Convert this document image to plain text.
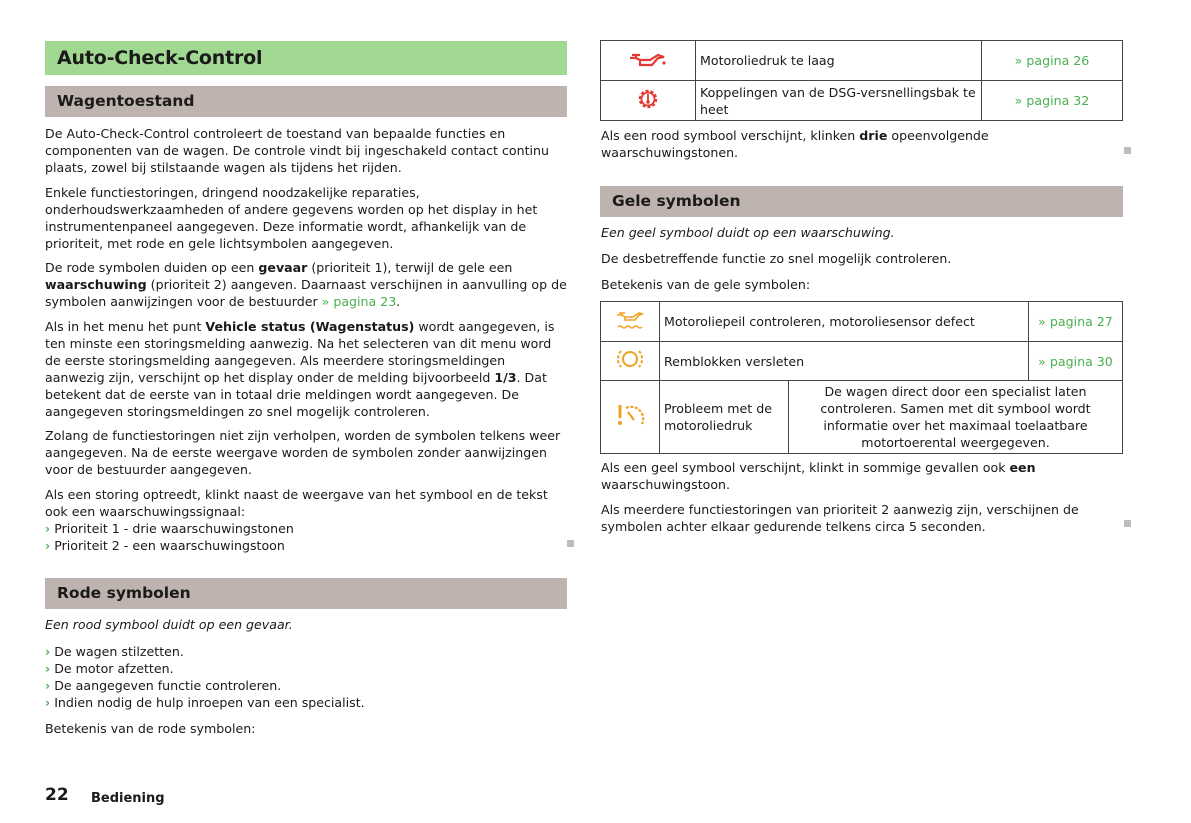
Auto-Check-Control
Wagentoestand

De Auto-Check-Control controleert de toestand van bepaalde functies en componenten van de wagen. De controle vindt bij ingeschakeld contact continu plaats, zowel bij stilstaande wagen als tijdens het rijden.

Enkele functiestoringen, dringend noodzakelijke reparaties, onderhoudswerkzaamheden of andere gegevens worden op het display in het instrumentenpaneel aangegeven. Deze informatie wordt, afhankelijk van de prioriteit, met rode en gele lichtsymbolen aangegeven.

De rode symbolen duiden op een gevaar (prioriteit 1), terwijl de gele een waarschuwing (prioriteit 2) aangeven. Daarnaast verschijnen in aanvulling op de symbolen aanwijzingen voor de bestuurder » pagina 23.

Als in het menu het punt Vehicle status (Wagenstatus) wordt aangegeven, is ten minste een storingsmelding aanwezig. Na het selecteren van dit menu word de eerste storingsmelding aangegeven. Als meerdere storingsmeldingen aanwezig zijn, verschijnt op het display onder de melding bijvoorbeeld 1/3. Dat betekent dat de eerste van in totaal drie meldingen wordt aangegeven. De aangegeven storingsmeldingen zo snel mogelijk controleren.

Zolang de functiestoringen niet zijn verholpen, worden de symbolen telkens weer aangegeven. Na de eerste weergave worden de symbolen zonder aanwijzingen voor de bestuurder aangegeven.

Als een storing optreedt, klinkt naast de weergave van het symbool en de tekst ook een waarschuwingssignaal:
› Prioriteit 1 - drie waarschuwingstonen
› Prioriteit 2 - een waarschuwingstoon

Rode symbolen

Een rood symbool duidt op een gevaar.

› De wagen stilzetten.
› De motor afzetten.
› De aangegeven functie controleren.
› Indien nodig de hulp inroepen van een specialist.

Betekenis van de rode symbolen:

	Motoroliedruk te laag	» pagina 26
	Koppelingen van de DSG-versnellingsbak te heet	» pagina 32

Als een rood symbool verschijnt, klinken drie opeenvolgende waarschuwingstonen.

Gele symbolen

Een geel symbool duidt op een waarschuwing.

De desbetreffende functie zo snel mogelijk controleren.

Betekenis van de gele symbolen:

	Motoroliepeil controleren, motoroliesensor defect		» pagina 27
	Remblokken versleten		» pagina 30
	Probleem met de motoroliedruk	De wagen direct door een specialist laten controleren. Samen met dit symbool wordt informatie over het maximaal toelaatbare motortoerental weergegeven.	

Als een geel symbool verschijnt, klinkt in sommige gevallen ook een waarschuwingstoon.

Als meerdere functiestoringen van prioriteit 2 aanwezig zijn, verschijnen de symbolen achter elkaar gedurende telkens circa 5 seconden.

22 Bediening
